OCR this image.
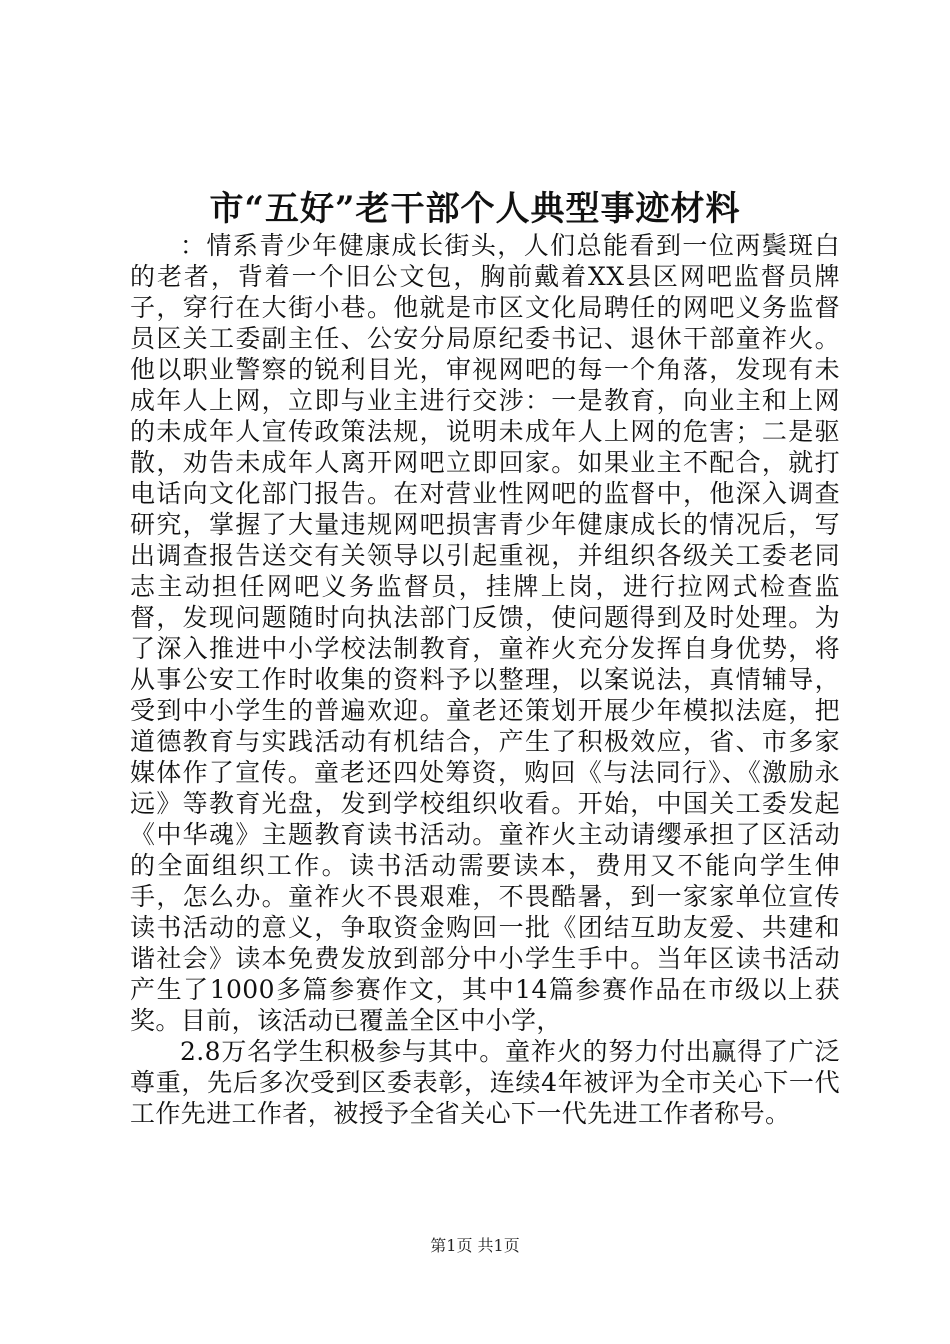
市“五好”老干部个人典型事迹材料

：情系青少年健康成长街头，人们总能看到一位两鬓斑白的老者，背着一个旧公文包，胸前戴着XX县区网吧监督员牌子，穿行在大街小巷。他就是市区文化局聘任的网吧义务监督员区关工委副主任、公安分局原纪委书记、退休干部童祚火。他以职业警察的锐利目光，审视网吧的每一个角落，发现有未成年人上网，立即与业主进行交涉：一是教育，向业主和上网的未成年人宣传政策法规，说明未成年人上网的危害；二是驱散，劝告未成年人离开网吧立即回家。如果业主不配合，就打电话向文化部门报告。在对营业性网吧的监督中，他深入调查研究，掌握了大量违规网吧损害青少年健康成长的情况后，写出调查报告送交有关领导以引起重视，并组织各级关工委老同志主动担任网吧义务监督员，挂牌上岗，进行拉网式检查监督，发现问题随时向执法部门反馈，使问题得到及时处理。为了深入推进中小学校法制教育，童祚火充分发挥自身优势，将从事公安工作时收集的资料予以整理，以案说法，真情辅导，受到中小学生的普遍欢迎。童老还策划开展少年模拟法庭，把道德教育与实践活动有机结合，产生了积极效应，省、市多家媒体作了宣传。童老还四处筹资，购回《与法同行》、《激励永远》等教育光盘，发到学校组织收看。开始，中国关工委发起《中华魂》主题教育读书活动。童祚火主动请缨承担了区活动的全面组织工作。读书活动需要读本，费用又不能向学生伸手，怎么办。童祚火不畏艰难，不畏酷暑，到一家家单位宣传读书活动的意义，争取资金购回一批《团结互助友爱、共建和谐社会》读本免费发放到部分中小学生手中。当年区读书活动产生了1000多篇参赛作文，其中14篇参赛作品在市级以上获奖。目前，该活动已覆盖全区中小学，

2.8万名学生积极参与其中。童祚火的努力付出赢得了广泛尊重，先后多次受到区委表彰，连续4年被评为全市关心下一代工作先进工作者，被授予全省关心下一代先进工作者称号。

第1页 共1页
